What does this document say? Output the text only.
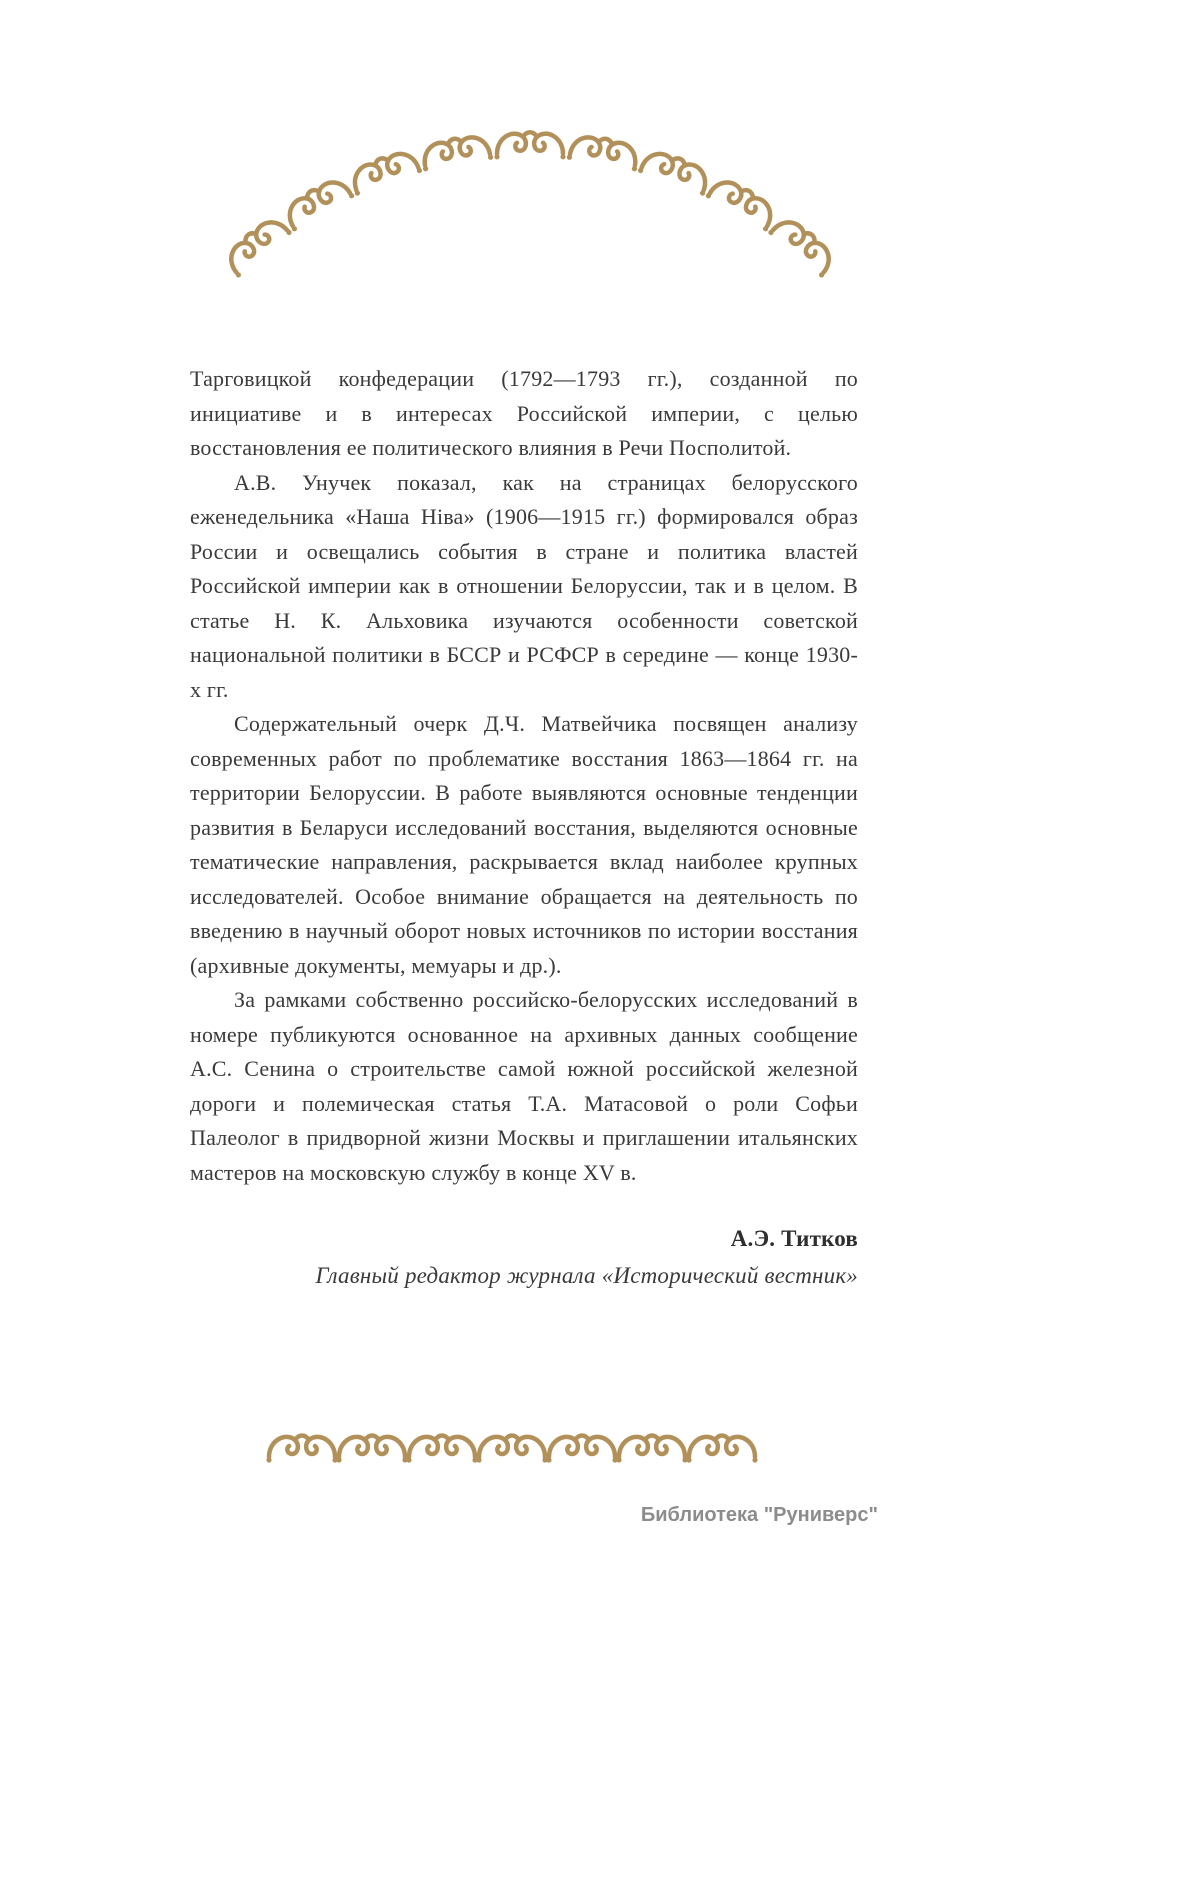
Тарговицкой конфедерации (1792—1793 гг.), созданной по инициативе и в интересах Российской империи, с целью восстановления ее политического влияния в Речи Посполитой.

А.В. Унучек показал, как на страницах белорусского еженедельника «Наша Ніва» (1906—1915 гг.) формировался образ России и освещались события в стране и политика властей Российской империи как в отношении Белоруссии, так и в целом. В статье Н. К. Альховика изучаются особенности советской национальной политики в БССР и РСФСР в середине — конце 1930-х гг.

Содержательный очерк Д.Ч. Матвейчика посвящен анализу современных работ по проблематике восстания 1863—1864 гг. на территории Белоруссии. В работе выявляются основные тенденции развития в Беларуси исследований восстания, выделяются основные тематические направления, раскрывается вклад наиболее крупных исследователей. Особое внимание обращается на деятельность по введению в научный оборот новых источников по истории восстания (архивные документы, мемуары и др.).

За рамками собственно российско-белорусских исследований в номере публикуются основанное на архивных данных сообщение А.С. Сенина о строительстве самой южной российской железной дороги и полемическая статья Т.А. Матасовой о роли Софьи Палеолог в придворной жизни Москвы и приглашении итальянских мастеров на московскую службу в конце XV в.

А.Э. Титков
Главный редактор журнала «Исторический вестник»
Библиотека "Руниверс"
